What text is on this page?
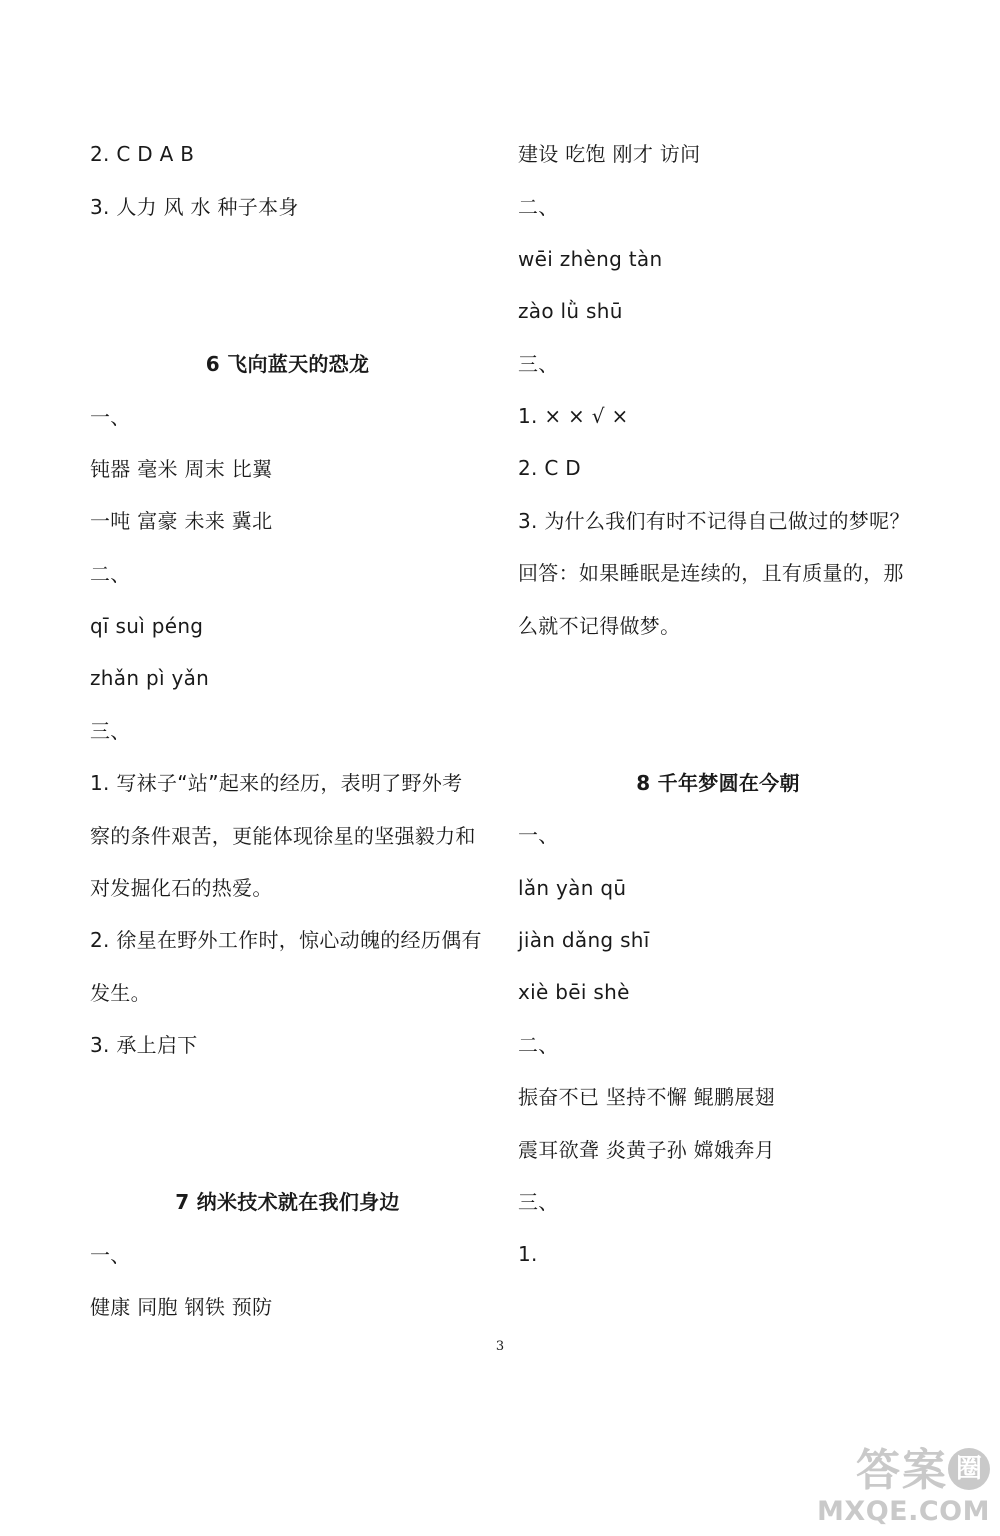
2. C D A B
3. 人力 风 水 种子本身
6 飞向蓝天的恐龙
一、
钝器 毫米 周末 比翼
一吨 富豪 未来 冀北
二、
qī suì péng
zhǎn pì yǎn
三、
1. 写袜子“站”起来的经历，表明了野外考
察的条件艰苦，更能体现徐星的坚强毅力和
对发掘化石的热爱。
2. 徐星在野外工作时，惊心动魄的经历偶有
发生。
3. 承上启下
7 纳米技术就在我们身边
一、
健康 同胞 钢铁 预防
建设 吃饱 刚才 访问
二、
wēi zhèng tàn
zào lǜ shū
三、
1. × × √ ×
2. C D
3. 为什么我们有时不记得自己做过的梦呢？
回答：如果睡眠是连续的，且有质量的，那
么就不记得做梦。
8 千年梦圆在今朝
一、
lǎn yàn qū
jiàn dǎng shī
xiè bēi shè
二、
振奋不已 坚持不懈 鲲鹏展翅
震耳欲聋 炎黄子孙 嫦娥奔月
三、
1.
3
答案 圈
MXQE.COM
